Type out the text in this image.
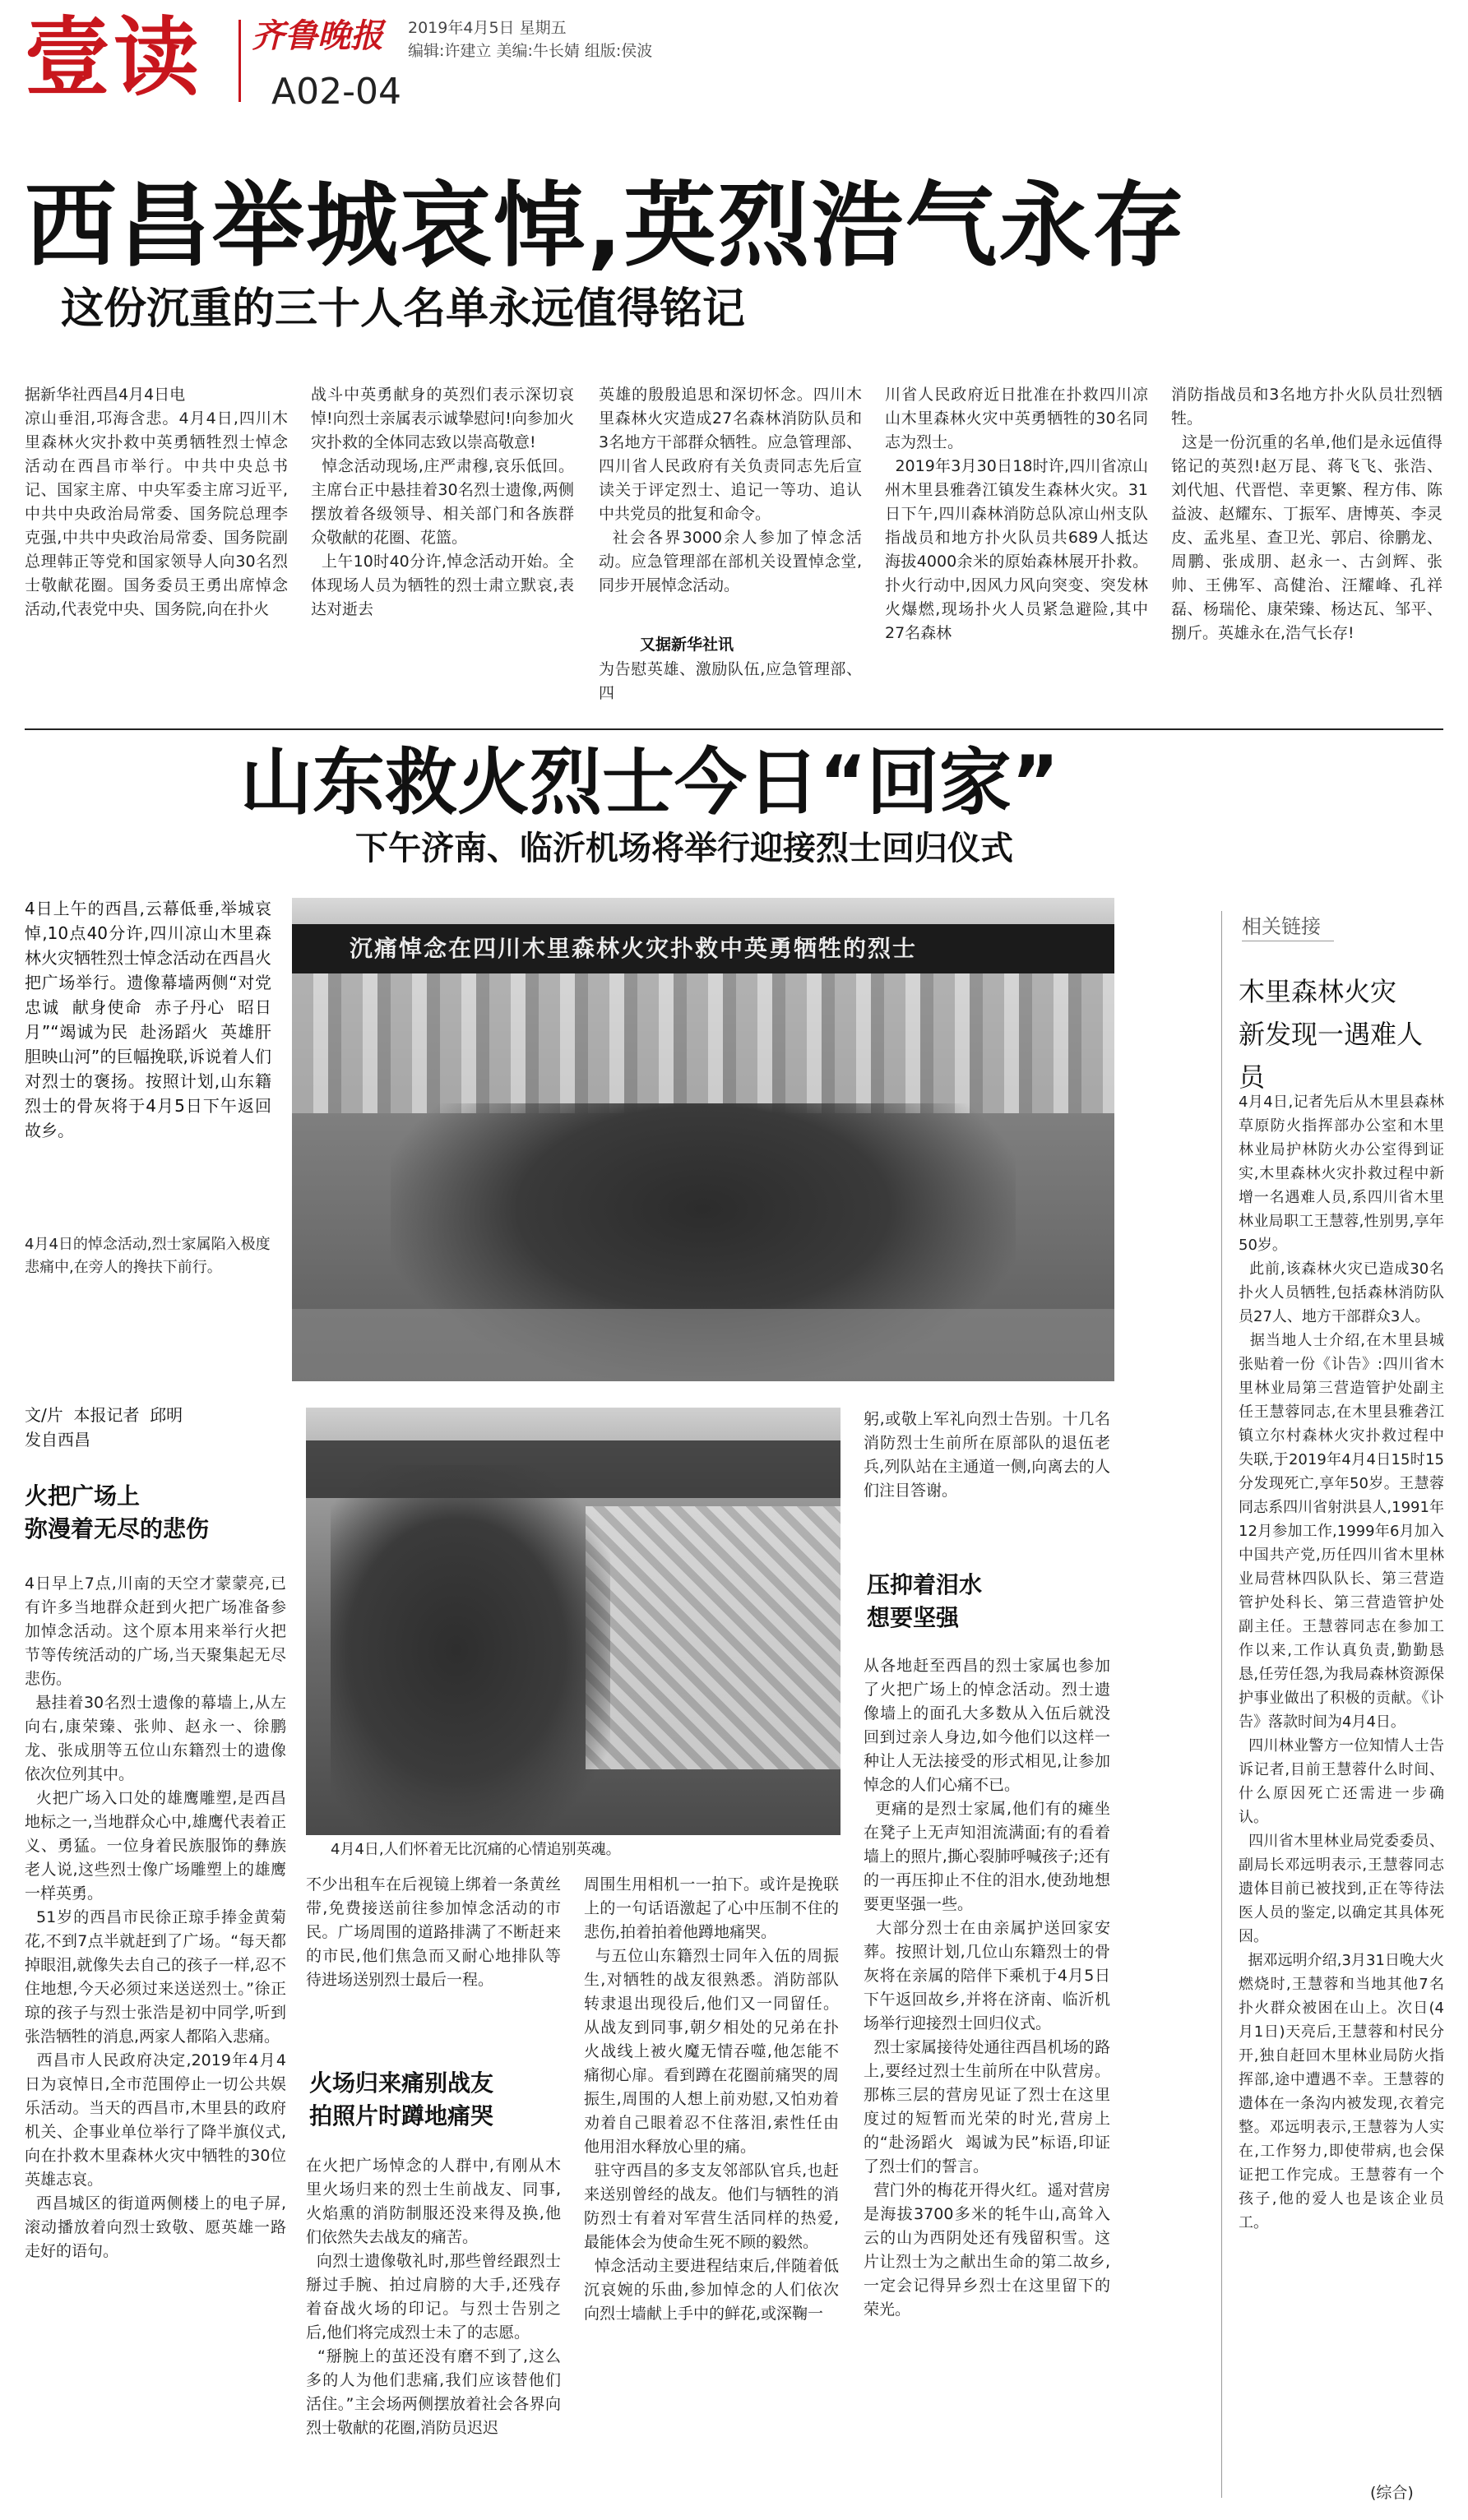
壹读 齐鲁晚报 2019年4月5日 星期五
编辑:许建立 美编:牛长婧 组版:侯波
A02-04
西昌举城哀悼,英烈浩气永存
这份沉重的三十人名单永远值得铭记
据新华社西昌4月4日电
凉山垂泪,邛海含悲。4月4日,四川木里森林火灾扑救中英勇牺牲烈士悼念活动在西昌市举行。中共中央总书记、国家主席、中央军委主席习近平,中共中央政治局常委、国务院总理李克强,中共中央政治局常委、国务院副总理韩正等党和国家领导人向30名烈士敬献花圈。国务委员王勇出席悼念活动,代表党中央、国务院,向在扑火
战斗中英勇献身的英烈们表示深切哀悼!向烈士亲属表示诚挚慰问!向参加火灾扑救的全体同志致以崇高敬意!
悼念活动现场,庄严肃穆,哀乐低回。主席台正中悬挂着30名烈士遗像,两侧摆放着各级领导、相关部门和各族群众敬献的花圈、花篮。
上午10时40分许,悼念活动开始。全体现场人员为牺牲的烈士肃立默哀,表达对逝去
英雄的殷殷追思和深切怀念。四川木里森林火灾造成27名森林消防队员和3名地方干部群众牺牲。应急管理部、四川省人民政府有关负责同志先后宣读关于评定烈士、追记一等功、追认中共党员的批复和命令。
社会各界3000余人参加了悼念活动。应急管理部在部机关设置悼念堂,同步开展悼念活动。
又据新华社讯
为告慰英雄、激励队伍,应急管理部、四
川省人民政府近日批准在扑救四川凉山木里森林火灾中英勇牺牲的30名同志为烈士。
2019年3月30日18时许,四川省凉山州木里县雅砻江镇发生森林火灾。31日下午,四川森林消防总队凉山州支队指战员和地方扑火队员共689人抵达海拔4000余米的原始森林展开扑救。扑火行动中,因风力风向突变、突发林火爆燃,现场扑火人员紧急避险,其中27名森林
消防指战员和3名地方扑火队员壮烈牺牲。
这是一份沉重的名单,他们是永远值得铭记的英烈!赵万昆、蒋飞飞、张浩、刘代旭、代晋恺、幸更繁、程方伟、陈益波、赵耀东、丁振军、唐博英、李灵皮、孟兆星、查卫光、郭启、徐鹏龙、周鹏、张成朋、赵永一、古剑辉、张帅、王佛军、高健治、汪耀峰、孔祥磊、杨瑞伦、康荣臻、杨达瓦、邹平、捌斤。英雄永在,浩气长存!
山东救火烈士今日“回家”
下午济南、临沂机场将举行迎接烈士回归仪式
4日上午的西昌,云幕低垂,举城哀悼,10点40分许,四川凉山木里森林火灾牺牲烈士悼念活动在西昌火把广场举行。遗像幕墙两侧“对党忠诚  献身使命  赤子丹心  昭日月”“竭诚为民  赴汤蹈火  英雄肝胆映山河”的巨幅挽联,诉说着人们对烈士的褒扬。按照计划,山东籍烈士的骨灰将于4月5日下午返回故乡。
4月4日的悼念活动,烈士家属陷入极度悲痛中,在旁人的搀扶下前行。
沉痛悼念在四川木里森林火灾扑救中英勇牺牲的烈士
相关链接
木里森林火灾
新发现一遇难人员
4月4日,记者先后从木里县森林草原防火指挥部办公室和木里林业局护林防火办公室得到证实,木里森林火灾扑救过程中新增一名遇难人员,系四川省木里林业局职工王慧蓉,性别男,享年50岁。
此前,该森林火灾已造成30名扑火人员牺牲,包括森林消防队员27人、地方干部群众3人。
据当地人士介绍,在木里县城张贴着一份《讣告》:四川省木里林业局第三营造管护处副主任王慧蓉同志,在木里县雅砻江镇立尔村森林火灾扑救过程中失联,于2019年4月4日15时15分发现死亡,享年50岁。王慧蓉同志系四川省射洪县人,1991年12月参加工作,1999年6月加入中国共产党,历任四川省木里林业局营林四队队长、第三营造管护处科长、第三营造管护处副主任。王慧蓉同志在参加工作以来,工作认真负责,勤勤恳恳,任劳任怨,为我局森林资源保护事业做出了积极的贡献。《讣告》落款时间为4月4日。
四川林业警方一位知情人士告诉记者,目前王慧蓉什么时间、什么原因死亡还需进一步确认。
四川省木里林业局党委委员、副局长邓远明表示,王慧蓉同志遗体目前已被找到,正在等待法医人员的鉴定,以确定其具体死因。
据邓远明介绍,3月31日晚大火燃烧时,王慧蓉和当地其他7名扑火群众被困在山上。次日(4月1日)天亮后,王慧蓉和村民分开,独自赶回木里林业局防火指挥部,途中遭遇不幸。王慧蓉的遗体在一条沟内被发现,衣着完整。邓远明表示,王慧蓉为人实在,工作努力,即使带病,也会保证把工作完成。王慧蓉有一个孩子,他的爱人也是该企业员工。
(综合)
文/片  本报记者  邱明
发自西昌
火把广场上
弥漫着无尽的悲伤
4日早上7点,川南的天空才蒙蒙亮,已有许多当地群众赶到火把广场准备参加悼念活动。这个原本用来举行火把节等传统活动的广场,当天聚集起无尽悲伤。
悬挂着30名烈士遗像的幕墙上,从左向右,康荣臻、张帅、赵永一、徐鹏龙、张成朋等五位山东籍烈士的遗像依次位列其中。
火把广场入口处的雄鹰雕塑,是西昌地标之一,当地群众心中,雄鹰代表着正义、勇猛。一位身着民族服饰的彝族老人说,这些烈士像广场雕塑上的雄鹰一样英勇。
51岁的西昌市民徐正琼手捧金黄菊花,不到7点半就赶到了广场。“每天都掉眼泪,就像失去自己的孩子一样,忍不住地想,今天必须过来送送烈士。”徐正琼的孩子与烈士张浩是初中同学,听到张浩牺牲的消息,两家人都陷入悲痛。
西昌市人民政府决定,2019年4月4日为哀悼日,全市范围停止一切公共娱乐活动。当天的西昌市,木里县的政府机关、企事业单位举行了降半旗仪式,向在扑救木里森林火灾中牺牲的30位英雄志哀。
西昌城区的街道两侧楼上的电子屏,滚动播放着向烈士致敬、愿英雄一路走好的语句。
4月4日,人们怀着无比沉痛的心情追别英魂。
不少出租车在后视镜上绑着一条黄丝带,免费接送前往参加悼念活动的市民。广场周围的道路排满了不断赶来的市民,他们焦急而又耐心地排队等待进场送别烈士最后一程。
火场归来痛别战友
拍照片时蹲地痛哭
在火把广场悼念的人群中,有刚从木里火场归来的烈士生前战友、同事,火焰熏的消防制服还没来得及换,他们依然失去战友的痛苦。
向烈士遗像敬礼时,那些曾经跟烈士掰过手腕、拍过肩膀的大手,还残存着奋战火场的印记。与烈士告别之后,他们将完成烈士未了的志愿。
“掰腕上的茧还没有磨不到了,这么多的人为他们悲痛,我们应该替他们活住。”主会场两侧摆放着社会各界向烈士敬献的花圈,消防员迟迟
周围生用相机一一拍下。或许是挽联上的一句话语激起了心中压制不住的悲伤,拍着拍着他蹲地痛哭。
与五位山东籍烈士同年入伍的周振生,对牺牲的战友很熟悉。消防部队转隶退出现役后,他们又一同留任。从战友到同事,朝夕相处的兄弟在扑火战线上被火魔无情吞噬,他怎能不痛彻心扉。看到蹲在花圈前痛哭的周振生,周围的人想上前劝慰,又怕劝着劝着自己眼着忍不住落泪,索性任由他用泪水释放心里的痛。
驻守西昌的多支友邻部队官兵,也赶来送别曾经的战友。他们与牺牲的消防烈士有着对军营生活同样的热爱,最能体会为使命生死不顾的毅然。
悼念活动主要进程结束后,伴随着低沉哀婉的乐曲,参加悼念的人们依次向烈士墙献上手中的鲜花,或深鞠一
躬,或敬上军礼向烈士告别。十几名消防烈士生前所在原部队的退伍老兵,列队站在主通道一侧,向离去的人们注目答谢。
压抑着泪水
想要坚强
从各地赶至西昌的烈士家属也参加了火把广场上的悼念活动。烈士遗像墙上的面孔大多数从入伍后就没回到过亲人身边,如今他们以这样一种让人无法接受的形式相见,让参加悼念的人们心痛不已。
更痛的是烈士家属,他们有的瘫坐在凳子上无声知泪流满面;有的看着墙上的照片,撕心裂肺呼喊孩子;还有的一再压抑止不住的泪水,使劲地想要更坚强一些。
大部分烈士在由亲属护送回家安葬。按照计划,几位山东籍烈士的骨灰将在亲属的陪伴下乘机于4月5日下午返回故乡,并将在济南、临沂机场举行迎接烈士回归仪式。
烈士家属接待处通往西昌机场的路上,要经过烈士生前所在中队营房。那栋三层的营房见证了烈士在这里度过的短暂而光荣的时光,营房上的“赴汤蹈火  竭诚为民”标语,印证了烈士们的誓言。
营门外的梅花开得火红。遥对营房是海拔3700多米的牦牛山,高耸入云的山为西阴处还有残留积雪。这片让烈士为之献出生命的第二故乡,一定会记得异乡烈士在这里留下的荣光。
